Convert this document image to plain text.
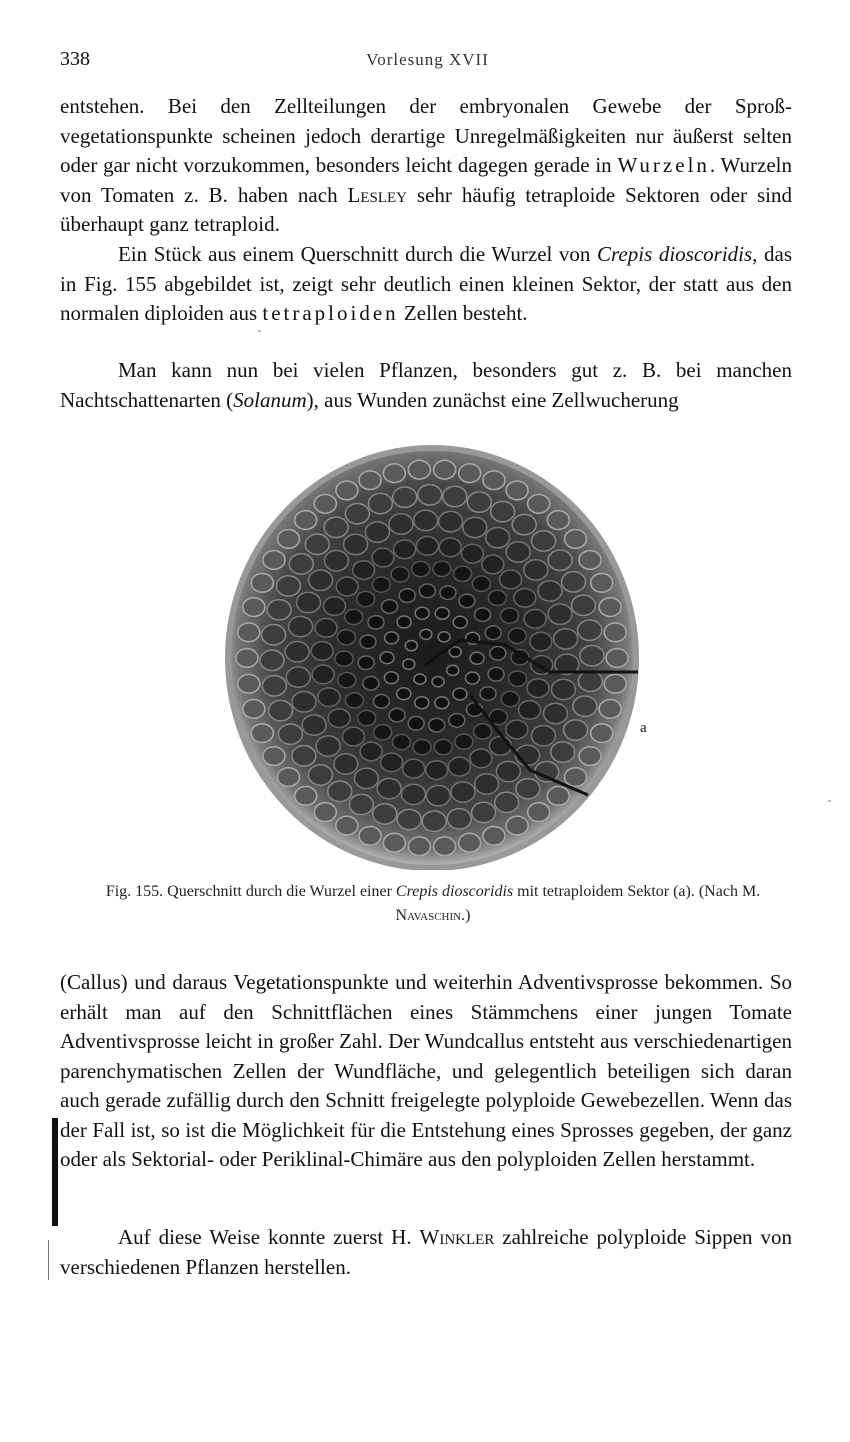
338	Vorlesung XVII

entstehen. Bei den Zellteilungen der embryonalen Gewebe der Sproßvegetationspunkte scheinen jedoch derartige Unregelmäßigkeiten nur äußerst selten oder gar nicht vorzukommen, besonders leicht dagegen gerade in Wurzeln. Wurzeln von Tomaten z. B. haben nach Lesley sehr häufig tetraploide Sektoren oder sind überhaupt ganz tetraploid.

Ein Stück aus einem Querschnitt durch die Wurzel von Crepis dioscoridis, das in Fig. 155 abgebildet ist, zeigt sehr deutlich einen kleinen Sektor, der statt aus den normalen diploiden aus tetraploiden Zellen besteht.

Man kann nun bei vielen Pflanzen, besonders gut z. B. bei manchen Nachtschattenarten (Solanum), aus Wunden zunächst eine Zellwucherung

a
Fig. 155. Querschnitt durch die Wurzel einer Crepis dioscoridis mit tetraploidem Sektor (a). (Nach M. Navaschin.)

(Callus) und daraus Vegetationspunkte und weiterhin Adventivsprosse bekommen. So erhält man auf den Schnittflächen eines Stämmchens einer jungen Tomate Adventivsprosse leicht in großer Zahl. Der Wundcallus entsteht aus verschiedenartigen parenchymatischen Zellen der Wundfläche, und gelegentlich beteiligen sich daran auch gerade zufällig durch den Schnitt freigelegte polyploide Gewebezellen. Wenn das der Fall ist, so ist die Möglichkeit für die Entstehung eines Sprosses gegeben, der ganz oder als Sektorial- oder Periklinal-Chimäre aus den polyploiden Zellen herstammt.

Auf diese Weise konnte zuerst H. Winkler zahlreiche polyploide Sippen von verschiedenen Pflanzen herstellen.
